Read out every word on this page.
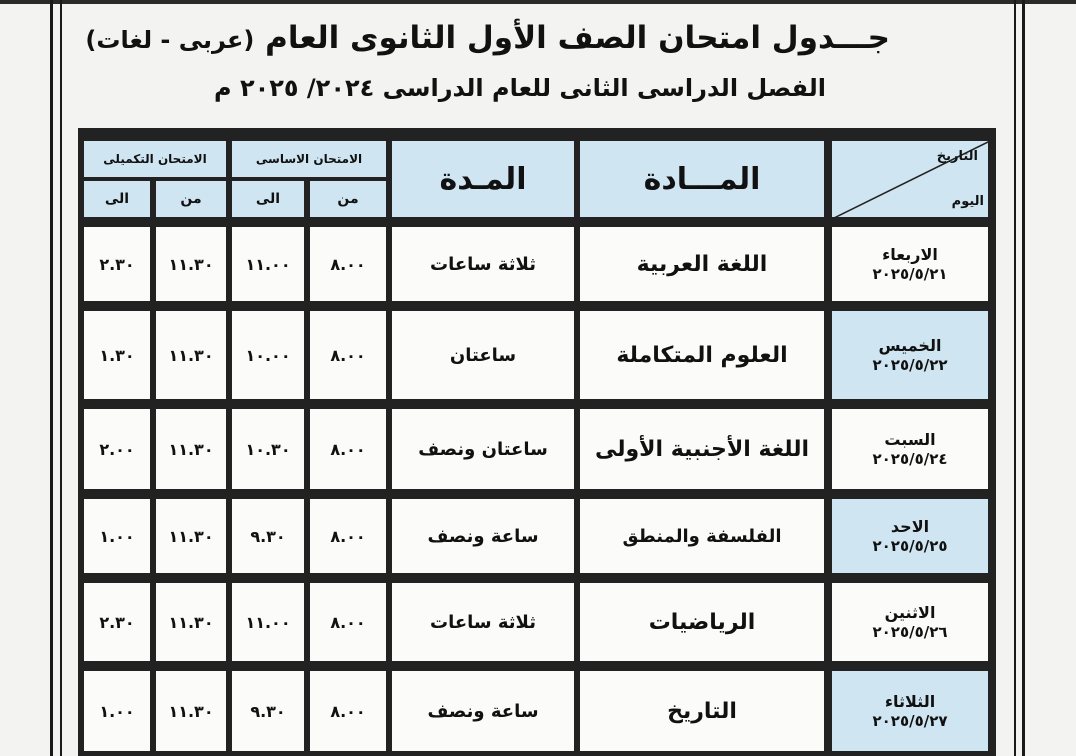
جـــدول امتحان الصف الأول الثانوى العام (عربى - لغات)
الفصل الدراسى الثانى للعام الدراسى ٢٠٢٤/ ٢٠٢٥ م
التاريخ
اليوم
المـــادة
المـدة
الامتحان الاساسى
من
الى
الامتحان التكميلى
من
الى
الاربعاء
٢٠٢٥/٥/٢١
اللغة العربية
ثلاثة ساعات
٨.٠٠
١١.٠٠
١١.٣٠
٢.٣٠
الخميس
٢٠٢٥/٥/٢٢
العلوم المتكاملة
ساعتان
٨.٠٠
١٠.٠٠
١١.٣٠
١.٣٠
السبت
٢٠٢٥/٥/٢٤
اللغة الأجنبية الأولى
ساعتان ونصف
٨.٠٠
١٠.٣٠
١١.٣٠
٢.٠٠
الاحد
٢٠٢٥/٥/٢٥
الفلسفة والمنطق
ساعة ونصف
٨.٠٠
٩.٣٠
١١.٣٠
١.٠٠
الاثنين
٢٠٢٥/٥/٢٦
الرياضيات
ثلاثة ساعات
٨.٠٠
١١.٠٠
١١.٣٠
٢.٣٠
الثلاثاء
٢٠٢٥/٥/٢٧
التاريخ
ساعة ونصف
٨.٠٠
٩.٣٠
١١.٣٠
١.٠٠
